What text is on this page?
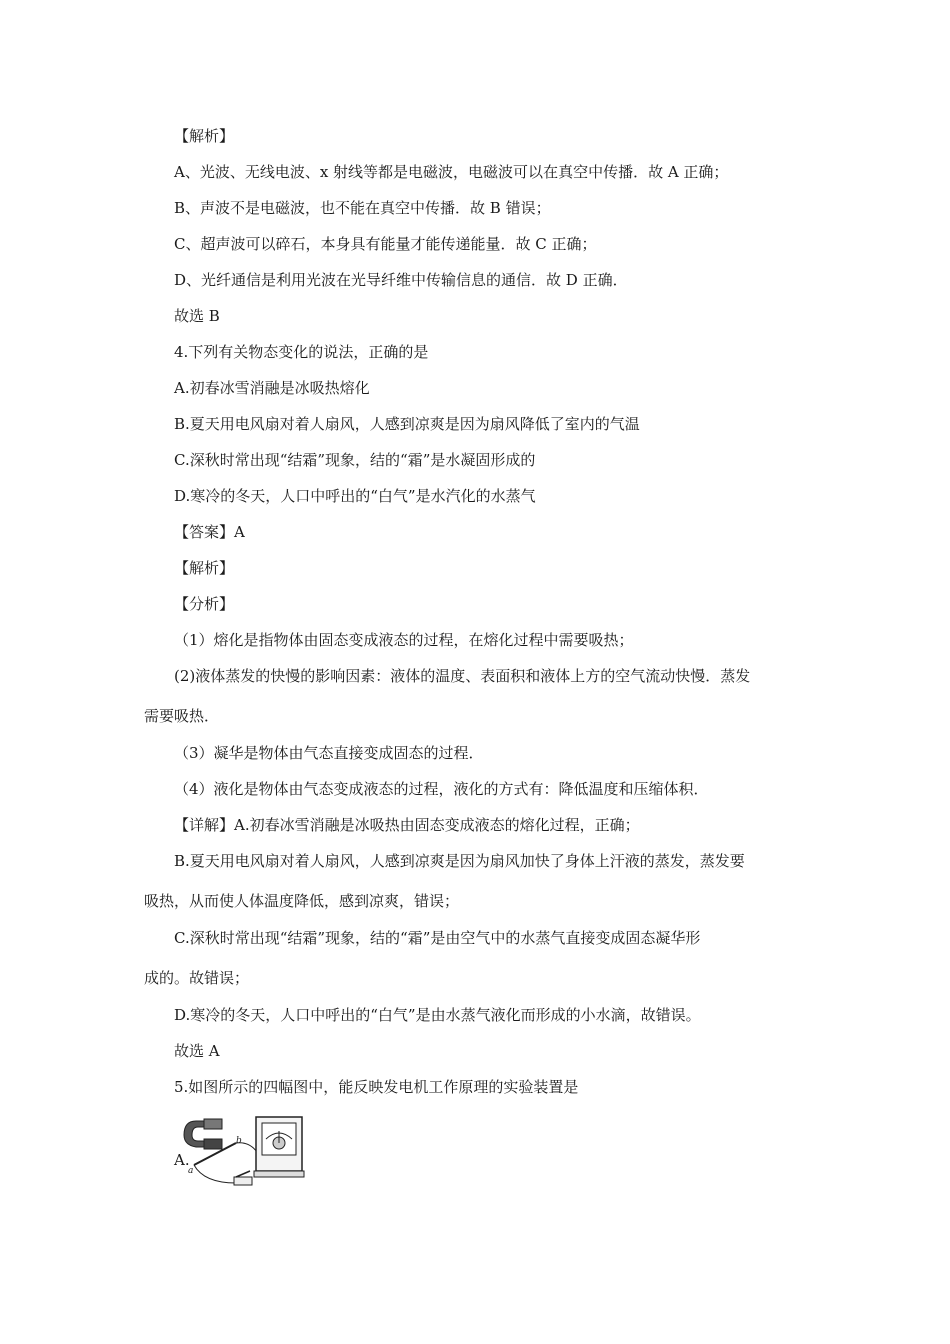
【解析】
A、光波、无线电波、x 射线等都是电磁波，电磁波可以在真空中传播．故 A 正确；
B、声波不是电磁波，也不能在真空中传播．故 B 错误；
C、超声波可以碎石，本身具有能量才能传递能量．故 C 正确；
D、光纤通信是利用光波在光导纤维中传输信息的通信．故 D 正确．
故选 B
4.下列有关物态变化的说法，正确的是
A.初春冰雪消融是冰吸热熔化
B.夏天用电风扇对着人扇风，人感到凉爽是因为扇风降低了室内的气温
C.深秋时常出现“结霜”现象，结的“霜”是水凝固形成的
D.寒冷的冬天，人口中呼出的“白气”是水汽化的水蒸气
【答案】A
【解析】
【分析】
（1）熔化是指物体由固态变成液态的过程，在熔化过程中需要吸热；
(2)液体蒸发的快慢的影响因素：液体的温度、表面积和液体上方的空气流动快慢．蒸发
需要吸热．
（3）凝华是物体由气态直接变成固态的过程．
（4）液化是物体由气态变成液态的过程，液化的方式有：降低温度和压缩体积．
【详解】A.初春冰雪消融是冰吸热由固态变成液态的熔化过程，正确；
B.夏天用电风扇对着人扇风，人感到凉爽是因为扇风加快了身体上汗液的蒸发，蒸发要
吸热，从而使人体温度降低，感到凉爽，错误；
C.深秋时常出现“结霜”现象，结的“霜”是由空气中的水蒸气直接变成固态凝华形
成的。故错误；
D.寒冷的冬天，人口中呼出的“白气”是由水蒸气液化而形成的小水滴，故错误。
故选 A
5.如图所示的四幅图中，能反映发电机工作原理的实验装置是
A.
b
a
